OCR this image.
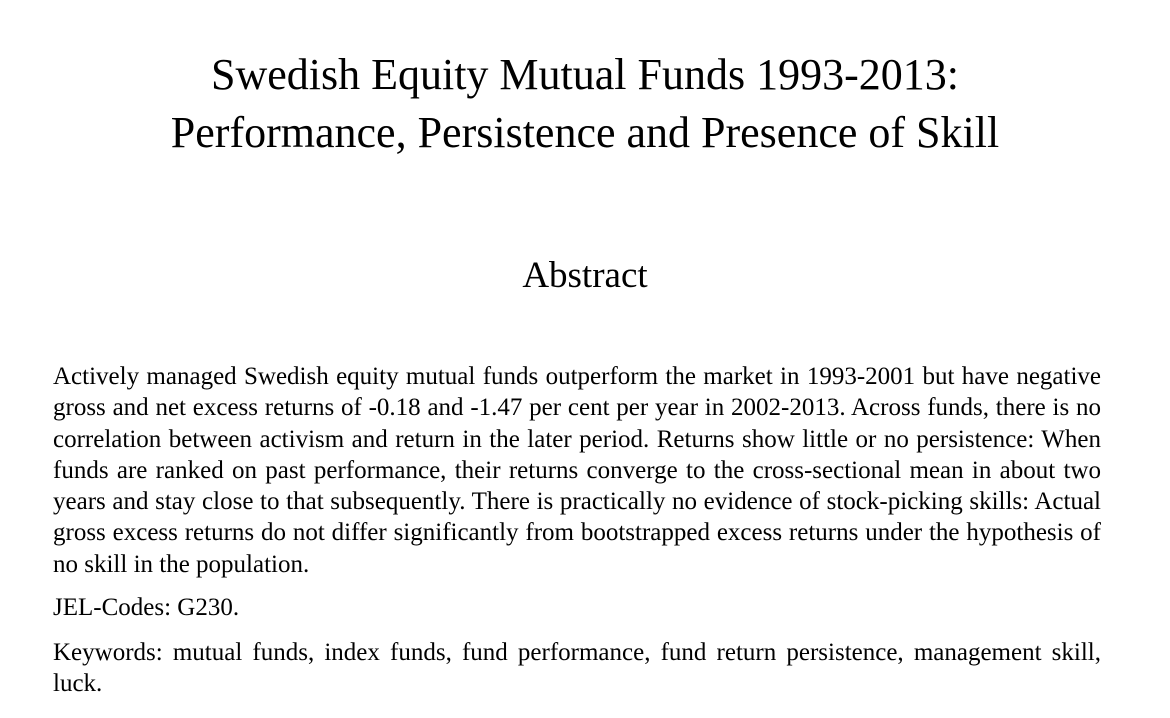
Swedish Equity Mutual Funds 1993-2013:
Performance, Persistence and Presence of Skill
Abstract

Actively managed Swedish equity mutual funds outperform the market in 1993-2001 but have negative gross and net excess returns of -0.18 and -1.47 per cent per year in 2002-2013. Across funds, there is no correlation between activism and return in the later period. Returns show little or no persistence: When funds are ranked on past performance, their returns converge to the cross-sectional mean in about two years and stay close to that subsequently. There is practically no evidence of stock-picking skills: Actual gross excess returns do not differ significantly from bootstrapped excess returns under the hypothesis of no skill in the population.

JEL-Codes: G230.

Keywords: mutual funds, index funds, fund performance, fund return persistence, management skill, luck.
